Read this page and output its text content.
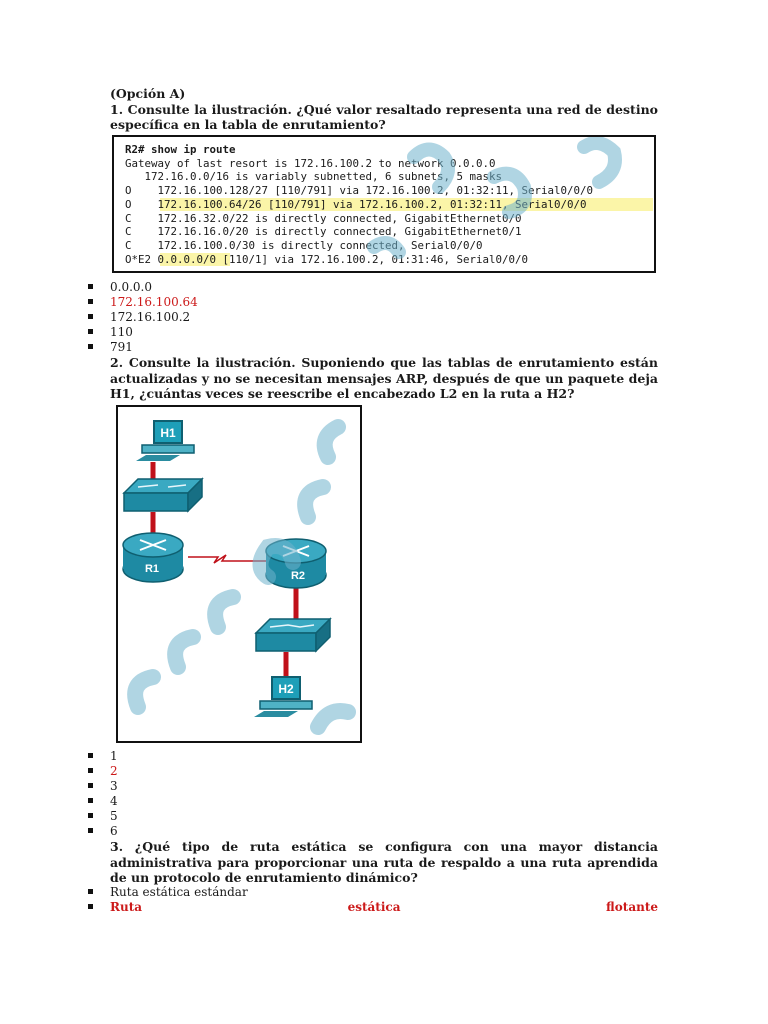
(Opción A)

1. Consulte la ilustración. ¿Qué valor resaltado representa una red de destino específica en la tabla de enrutamiento?

R2# show ip route
Gateway of last resort is 172.16.100.2 to network 0.0.0.0
172.16.0.0/16 is variably subnetted, 6 subnets, 5 masks
O    172.16.100.128/27 [110/791] via 172.16.100.2, 01:32:11, Serial0/0/0
O    172.16.100.64/26 [110/791] via 172.16.100.2, 01:32:11, Serial0/0/0
C    172.16.32.0/22 is directly connected, GigabitEthernet0/0
C    172.16.16.0/20 is directly connected, GigabitEthernet0/1
C    172.16.100.0/30 is directly connected, Serial0/0/0
O*E2 0.0.0.0/0 [110/1] via 172.16.100.2, 01:31:46, Serial0/0/0
0.0.0.0
172.16.100.64
172.16.100.2
110
791

2. Consulte la ilustración. Suponiendo que las tablas de enrutamiento están actualizadas y no se necesitan mensajes ARP, después de que un paquete deja H1, ¿cuántas veces se reescribe el encabezado L2 en la ruta a H2?

H1
R1
R2
H2
1
2
3
4
5
6

3. ¿Qué tipo de ruta estática se configura con una mayor distancia administrativa para proporcionar una ruta de respaldo a una ruta aprendida de un protocolo de enrutamiento dinámico?

Ruta estática estándar
Ruta	estática	flotante
